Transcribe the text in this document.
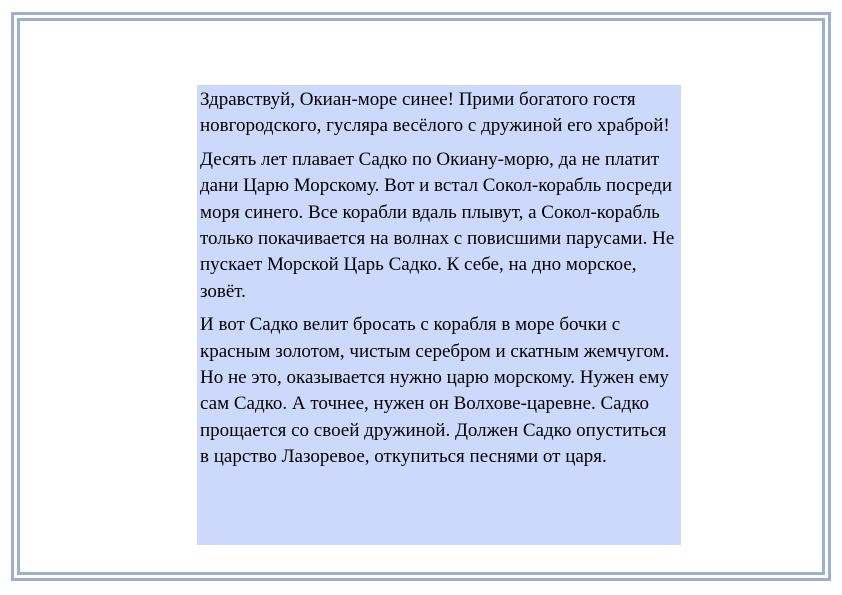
Здравствуй, Окиан-море синее! Прими богатого гостя новгородского, гусляра весёлого с дружиной его храброй!

Десять лет плавает Садко по Окиану-морю, да не платит дани Царю Морскому. Вот и встал Сокол-корабль посреди моря синего. Все корабли вдаль плывут, а Сокол-корабль только покачивается на волнах с повисшими парусами. Не пускает Морской Царь Садко. К себе, на дно морское, зовёт.

И вот Садко велит бросать с корабля в море бочки с красным золотом, чистым серебром и скатным жемчугом. Но не это, оказывается нужно царю морскому. Нужен ему сам Садко. А точнее, нужен он Волхове-царевне. Садко прощается со своей дружиной. Должен Садко опуститься в царство Лазоревое, откупиться песнями от царя.
